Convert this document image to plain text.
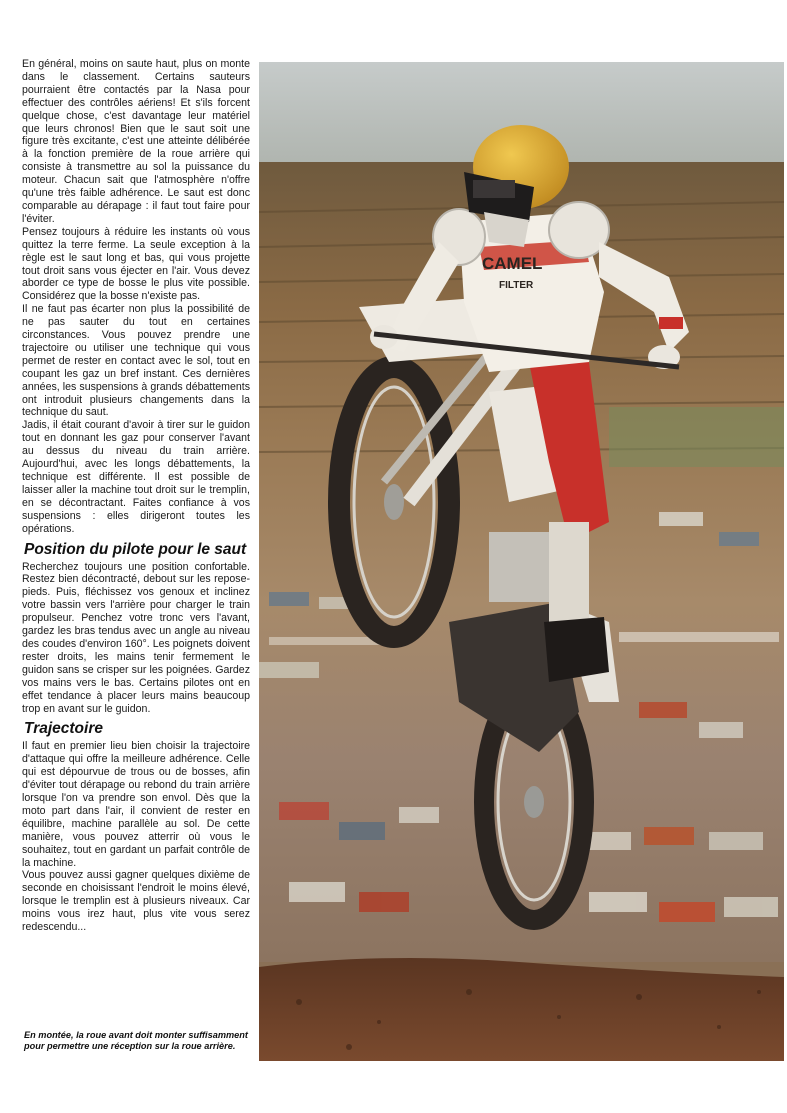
En général, moins on saute haut, plus on monte dans le classement. Certains sauteurs pourraient être contactés par la Nasa pour effectuer des contrôles aériens! Et s'ils forcent quelque chose, c'est davantage leur matériel que leurs chronos! Bien que le saut soit une figure très excitante, c'est une atteinte délibérée à la fonction première de la roue arrière qui consiste à transmettre au sol la puissance du moteur. Chacun sait que l'atmosphère n'offre qu'une très faible adhérence. Le saut est donc comparable au dérapage : il faut tout faire pour l'éviter.

Pensez toujours à réduire les instants où vous quittez la terre ferme. La seule exception à la règle est le saut long et bas, qui vous projette tout droit sans vous éjecter en l'air. Vous devez aborder ce type de bosse le plus vite possible. Considérez que la bosse n'existe pas.

Il ne faut pas écarter non plus la possibilité de ne pas sauter du tout en certaines circonstances. Vous pouvez prendre une trajectoire ou utiliser une technique qui vous permet de rester en contact avec le sol, tout en coupant les gaz un bref instant. Ces dernières années, les suspensions à grands débattements ont introduit plusieurs changements dans la technique du saut.

Jadis, il était courant d'avoir à tirer sur le guidon tout en donnant les gaz pour conserver l'avant au dessus du niveau du train arrière. Aujourd'hui, avec les longs débattements, la technique est différente. Il est possible de laisser aller la machine tout droit sur le tremplin, en se décontractant. Faites confiance à vos suspensions : elles dirigeront toutes les opérations.

Position du pilote pour le saut

Recherchez toujours une position confortable. Restez bien décontracté, debout sur les repose-pieds. Puis, fléchissez vos genoux et inclinez votre bassin vers l'arrière pour charger le train propulseur. Penchez votre tronc vers l'avant, gardez les bras tendus avec un angle au niveau des coudes d'environ 160°. Les poignets doivent rester droits, les mains tenir fermement le guidon sans se crisper sur les poignées. Gardez vos mains vers le bas. Certains pilotes ont en effet tendance à placer leurs mains beaucoup trop en avant sur le guidon.

Trajectoire

Il faut en premier lieu bien choisir la trajectoire d'attaque qui offre la meilleure adhérence. Celle qui est dépourvue de trous ou de bosses, afin d'éviter tout dérapage ou rebond du train arrière lorsque l'on va prendre son envol. Dès que la moto part dans l'air, il convient de rester en équilibre, machine parallèle au sol. De cette manière, vous pouvez atterrir où vous le souhaitez, tout en gardant un parfait contrôle de la machine.

Vous pouvez aussi gagner quelques dixième de seconde en choisissant l'endroit le moins élevé, lorsque le tremplin est à plusieurs niveaux. Car moins vous irez haut, plus vite vous serez redescendu...

En montée, la roue avant doit monter suffisamment pour permettre une réception sur la roue arrière.
CAMEL
FILTER
